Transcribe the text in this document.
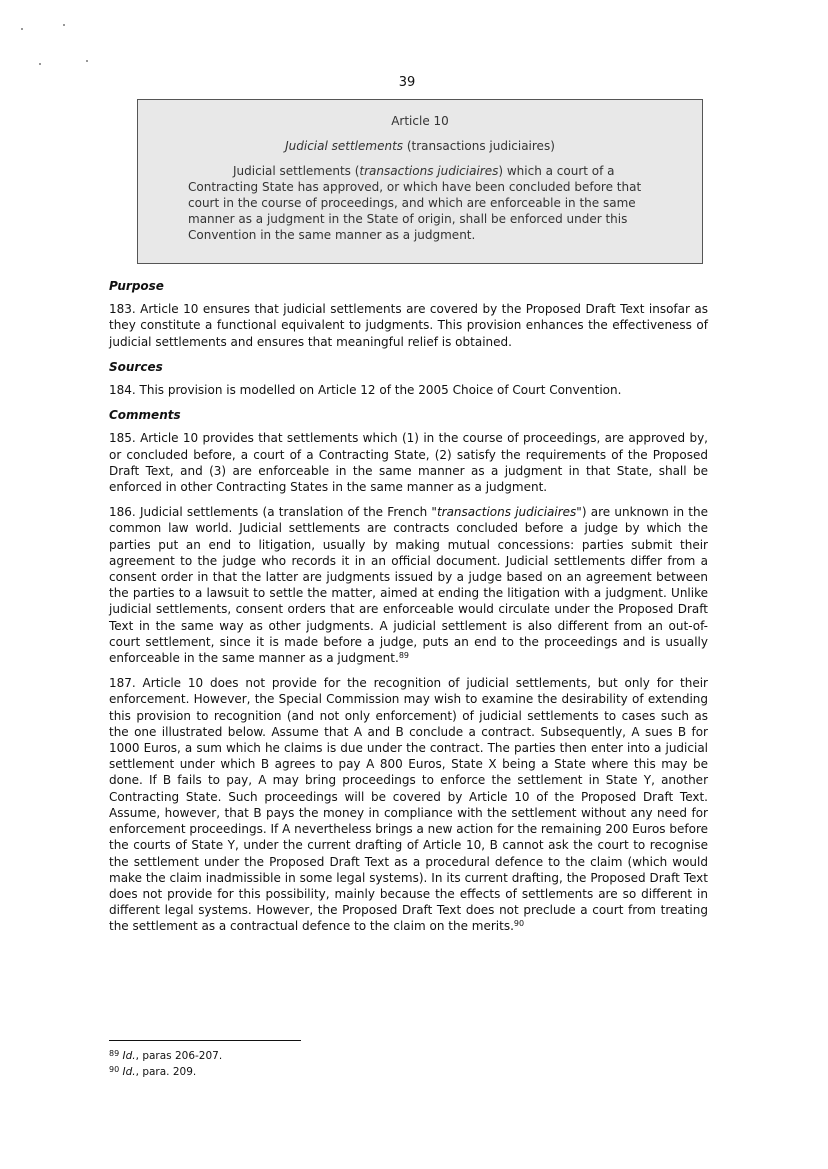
39
Article 10
Judicial settlements (transactions judiciaires)
Judicial settlements (transactions judiciaires) which a court of a Contracting State has approved, or which have been concluded before that court in the course of proceedings, and which are enforceable in the same manner as a judgment in the State of origin, shall be enforced under this Convention in the same manner as a judgment.
Purpose

183. Article 10 ensures that judicial settlements are covered by the Proposed Draft Text insofar as they constitute a functional equivalent to judgments. This provision enhances the effectiveness of judicial settlements and ensures that meaningful relief is obtained.

Sources

184. This provision is modelled on Article 12 of the 2005 Choice of Court Convention.

Comments

185. Article 10 provides that settlements which (1) in the course of proceedings, are approved by, or concluded before, a court of a Contracting State, (2) satisfy the requirements of the Proposed Draft Text, and (3) are enforceable in the same manner as a judgment in that State, shall be enforced in other Contracting States in the same manner as a judgment.

186. Judicial settlements (a translation of the French "transactions judiciaires") are unknown in the common law world. Judicial settlements are contracts concluded before a judge by which the parties put an end to litigation, usually by making mutual concessions: parties submit their agreement to the judge who records it in an official document. Judicial settlements differ from a consent order in that the latter are judgments issued by a judge based on an agreement between the parties to a lawsuit to settle the matter, aimed at ending the litigation with a judgment. Unlike judicial settlements, consent orders that are enforceable would circulate under the Proposed Draft Text in the same way as other judgments. A judicial settlement is also different from an out-of-court settlement, since it is made before a judge, puts an end to the proceedings and is usually enforceable in the same manner as a judgment.$^{89}$

187. Article 10 does not provide for the recognition of judicial settlements, but only for their enforcement. However, the Special Commission may wish to examine the desirability of extending this provision to recognition (and not only enforcement) of judicial settlements to cases such as the one illustrated below. Assume that A and B conclude a contract. Subsequently, A sues B for 1000 Euros, a sum which he claims is due under the contract. The parties then enter into a judicial settlement under which B agrees to pay A 800 Euros, State X being a State where this may be done. If B fails to pay, A may bring proceedings to enforce the settlement in State Y, another Contracting State. Such proceedings will be covered by Article 10 of the Proposed Draft Text. Assume, however, that B pays the money in compliance with the settlement without any need for enforcement proceedings. If A nevertheless brings a new action for the remaining 200 Euros before the courts of State Y, under the current drafting of Article 10, B cannot ask the court to recognise the settlement under the Proposed Draft Text as a procedural defence to the claim (which would make the claim inadmissible in some legal systems). In its current drafting, the Proposed Draft Text does not provide for this possibility, mainly because the effects of settlements are so different in different legal systems. However, the Proposed Draft Text does not preclude a court from treating the settlement as a contractual defence to the claim on the merits.$^{90}$

$^{89}$ Id., paras 206-207.
$^{90}$ Id., para. 209.
